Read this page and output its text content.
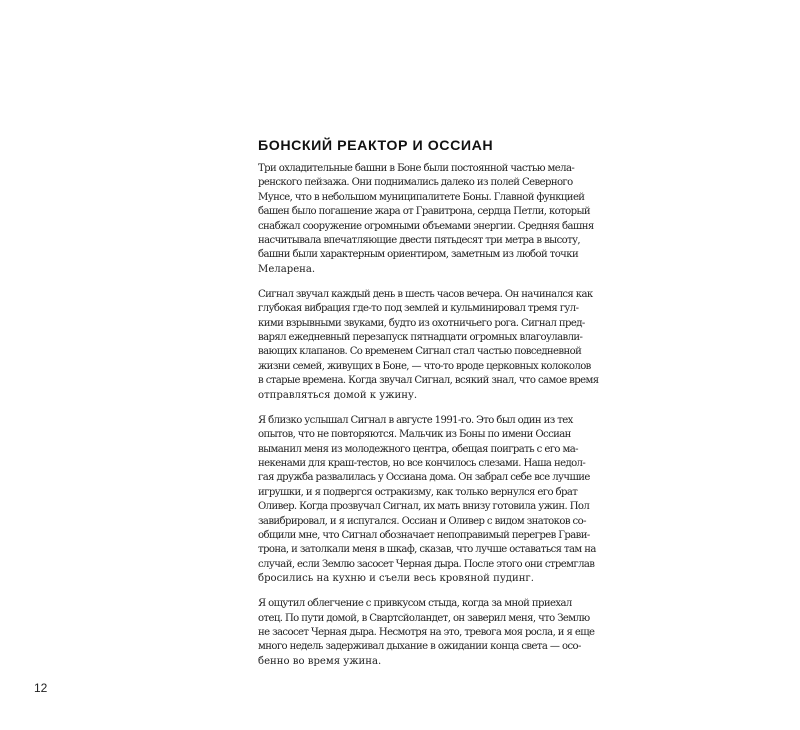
БОНСКИЙ РЕАКТОР И ОССИАН

Три охладительные башни в Боне были постоянной частью мела-
ренского пейзажа. Они поднимались далеко из полей Северного
Мунсе, что в небольшом муниципалитете Боны. Главной функцией
башен было погашение жара от Гравитрона, сердца Петли, который
снабжал сооружение огромными объемами энергии. Средняя башня
насчитывала впечатляющие двести пятьдесят три метра в высоту,
башни были характерным ориентиром, заметным из любой точки
Меларена.

Сигнал звучал каждый день в шесть часов вечера. Он начинался как
глубокая вибрация где-то под землей и кульминировал тремя гул-
кими взрывными звуками, будто из охотничьего рога. Сигнал пред-
варял ежедневный перезапуск пятнадцати огромных влагоулавли-
вающих клапанов. Со временем Сигнал стал частью повседневной
жизни семей, живущих в Боне, — что-то вроде церковных колоколов
в старые времена. Когда звучал Сигнал, всякий знал, что самое время
отправляться домой к ужину.

Я близко услышал Сигнал в августе 1991-го. Это был один из тех
опытов, что не повторяются. Мальчик из Боны по имени Оссиан
выманил меня из молодежного центра, обещая поиграть с его ма-
некенами для краш-тестов, но все кончилось слезами. Наша недол-
гая дружба развалилась у Оссиана дома. Он забрал себе все лучшие
игрушки, и я подвергся остракизму, как только вернулся его брат
Оливер. Когда прозвучал Сигнал, их мать внизу готовила ужин. Пол
завибрировал, и я испугался. Оссиан и Оливер с видом знатоков со-
общили мне, что Сигнал обозначает непоправимый перегрев Грави-
трона, и затолкали меня в шкаф, сказав, что лучше оставаться там на
случай, если Землю засосет Черная дыра. После этого они стремглав
бросились на кухню и съели весь кровяной пудинг.

Я ощутил облегчение с привкусом стыда, когда за мной приехал
отец. По пути домой, в Свартсйоландет, он заверил меня, что Землю
не засосет Черная дыра. Несмотря на это, тревога моя росла, и я еще
много недель задерживал дыхание в ожидании конца света — осо-
бенно во время ужина.

12
